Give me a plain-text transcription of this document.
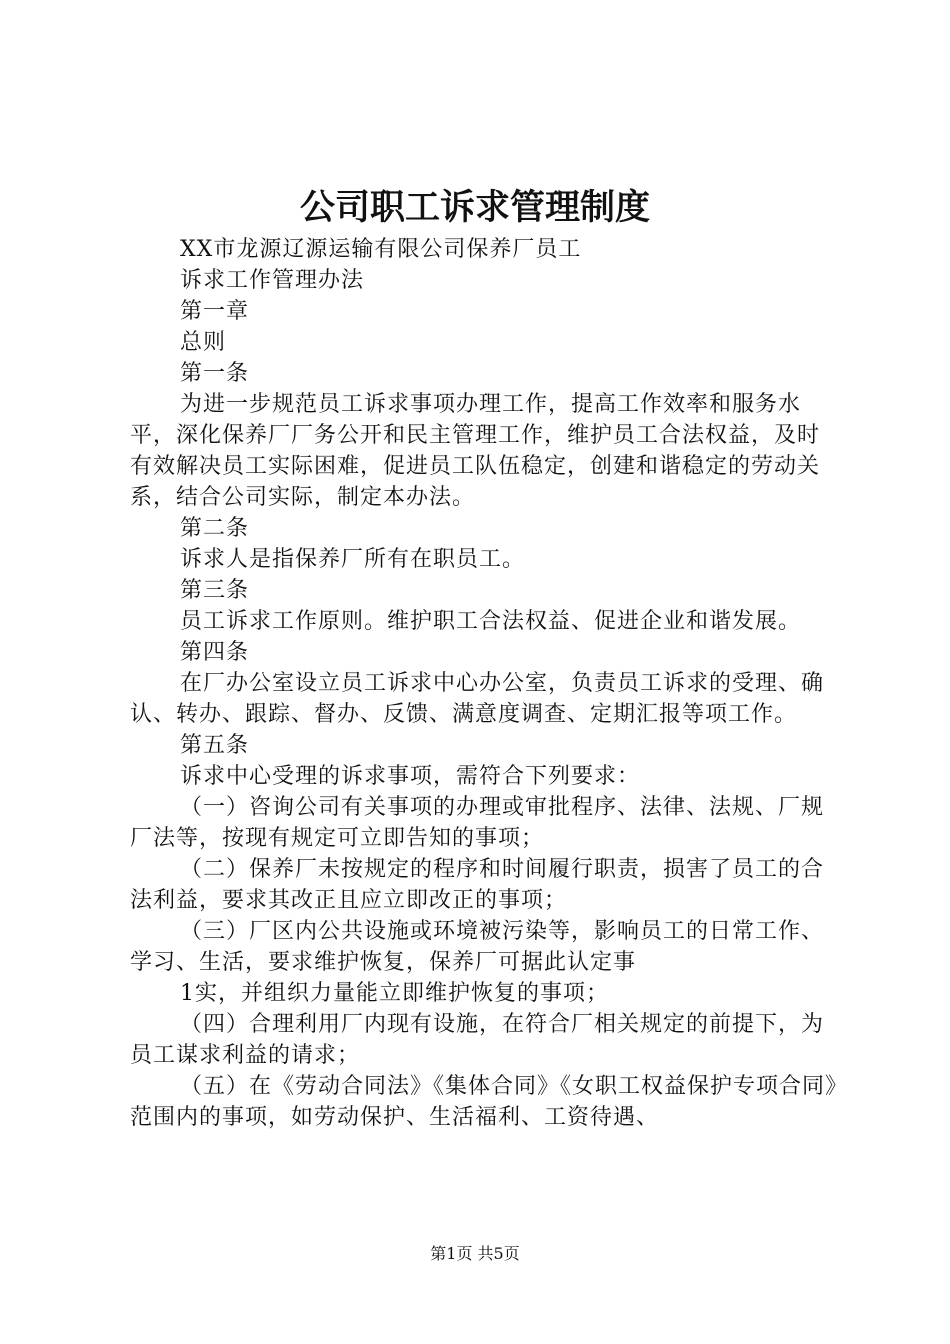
公司职工诉求管理制度

XX市龙源辽源运输有限公司保养厂员工

诉求工作管理办法

第一章

总则

第一条

为进一步规范员工诉求事项办理工作，提高工作效率和服务水平，深化保养厂厂务公开和民主管理工作，维护员工合法权益，及时有效解决员工实际困难，促进员工队伍稳定，创建和谐稳定的劳动关系，结合公司实际，制定本办法。

第二条

诉求人是指保养厂所有在职员工。

第三条

员工诉求工作原则。维护职工合法权益、促进企业和谐发展。

第四条

在厂办公室设立员工诉求中心办公室，负责员工诉求的受理、确认、转办、跟踪、督办、反馈、满意度调查、定期汇报等项工作。

第五条

诉求中心受理的诉求事项，需符合下列要求：

（一）咨询公司有关事项的办理或审批程序、法律、法规、厂规厂法等，按现有规定可立即告知的事项；

（二）保养厂未按规定的程序和时间履行职责，损害了员工的合法利益，要求其改正且应立即改正的事项；

（三）厂区内公共设施或环境被污染等，影响员工的日常工作、学习、生活，要求维护恢复，保养厂可据此认定事

1实，并组织力量能立即维护恢复的事项；

（四）合理利用厂内现有设施，在符合厂相关规定的前提下，为员工谋求利益的请求；

（五）在《劳动合同法》《集体合同》《女职工权益保护专项合同》范围内的事项，如劳动保护、生活福利、工资待遇、

第1页 共5页
